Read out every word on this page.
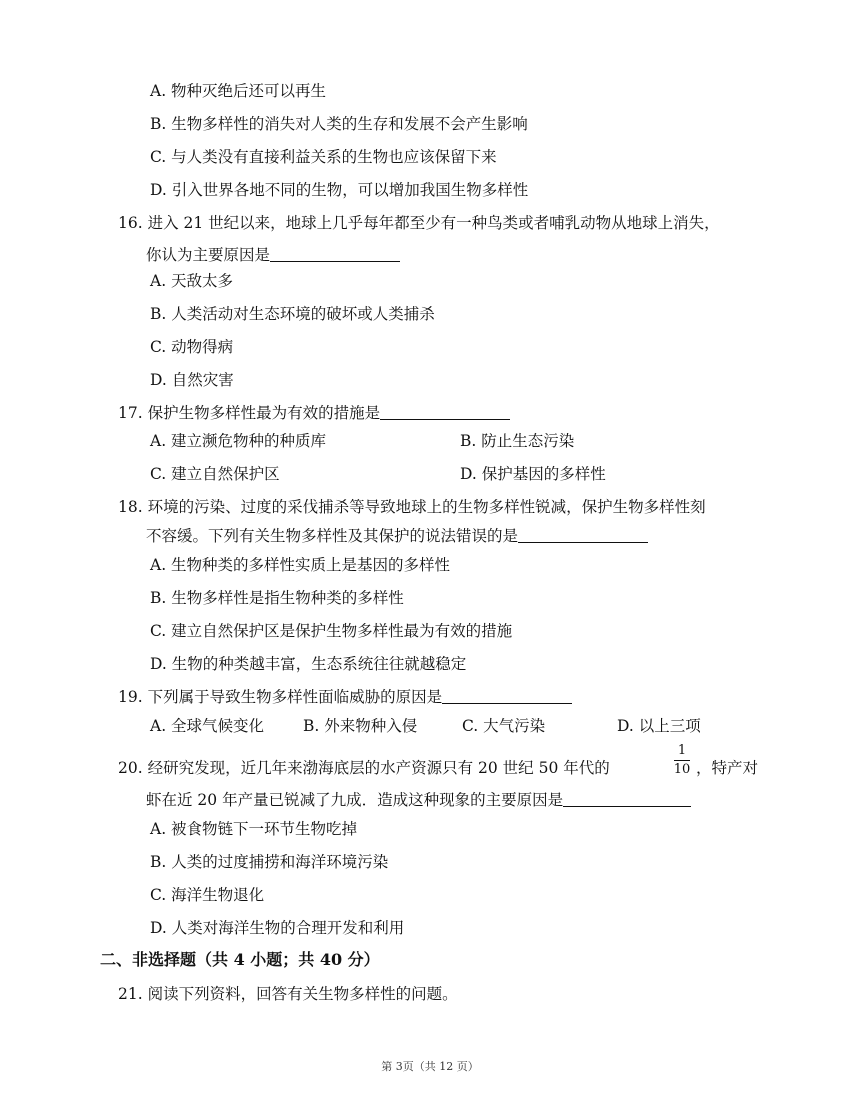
A. 物种灭绝后还可以再生
B. 生物多样性的消失对人类的生存和发展不会产生影响
C. 与人类没有直接利益关系的生物也应该保留下来
D. 引入世界各地不同的生物，可以增加我国生物多样性
16. 进入 21 世纪以来，地球上几乎每年都至少有一种鸟类或者哺乳动物从地球上消失，
你认为主要原因是
A. 天敌太多
B. 人类活动对生态环境的破坏或人类捕杀
C. 动物得病
D. 自然灾害
17. 保护生物多样性最为有效的措施是
A. 建立濒危物种的种质库	B. 防止生态污染
C. 建立自然保护区	D. 保护基因的多样性
18. 环境的污染、过度的采伐捕杀等导致地球上的生物多样性锐减，保护生物多样性刻
不容缓。下列有关生物多样性及其保护的说法错误的是
A. 生物种类的多样性实质上是基因的多样性
B. 生物多样性是指生物种类的多样性
C. 建立自然保护区是保护生物多样性最为有效的措施
D. 生物的种类越丰富，生态系统往往就越稳定
19. 下列属于导致生物多样性面临威胁的原因是
A. 全球气候变化	B. 外来物种入侵	C. 大气污染	D. 以上三项
20. 经研究发现，近几年来渤海底层的水产资源只有 20 世纪 50 年代的
1
10 ，特产对
虾在近 20 年产量已锐减了九成．造成这种现象的主要原因是
A. 被食物链下一环节生物吃掉
B. 人类的过度捕捞和海洋环境污染
C. 海洋生物退化
D. 人类对海洋生物的合理开发和利用
二、非选择题（共 4 小题；共 40 分）
21. 阅读下列资料，回答有关生物多样性的问题。
第 3页（共 12 页）
